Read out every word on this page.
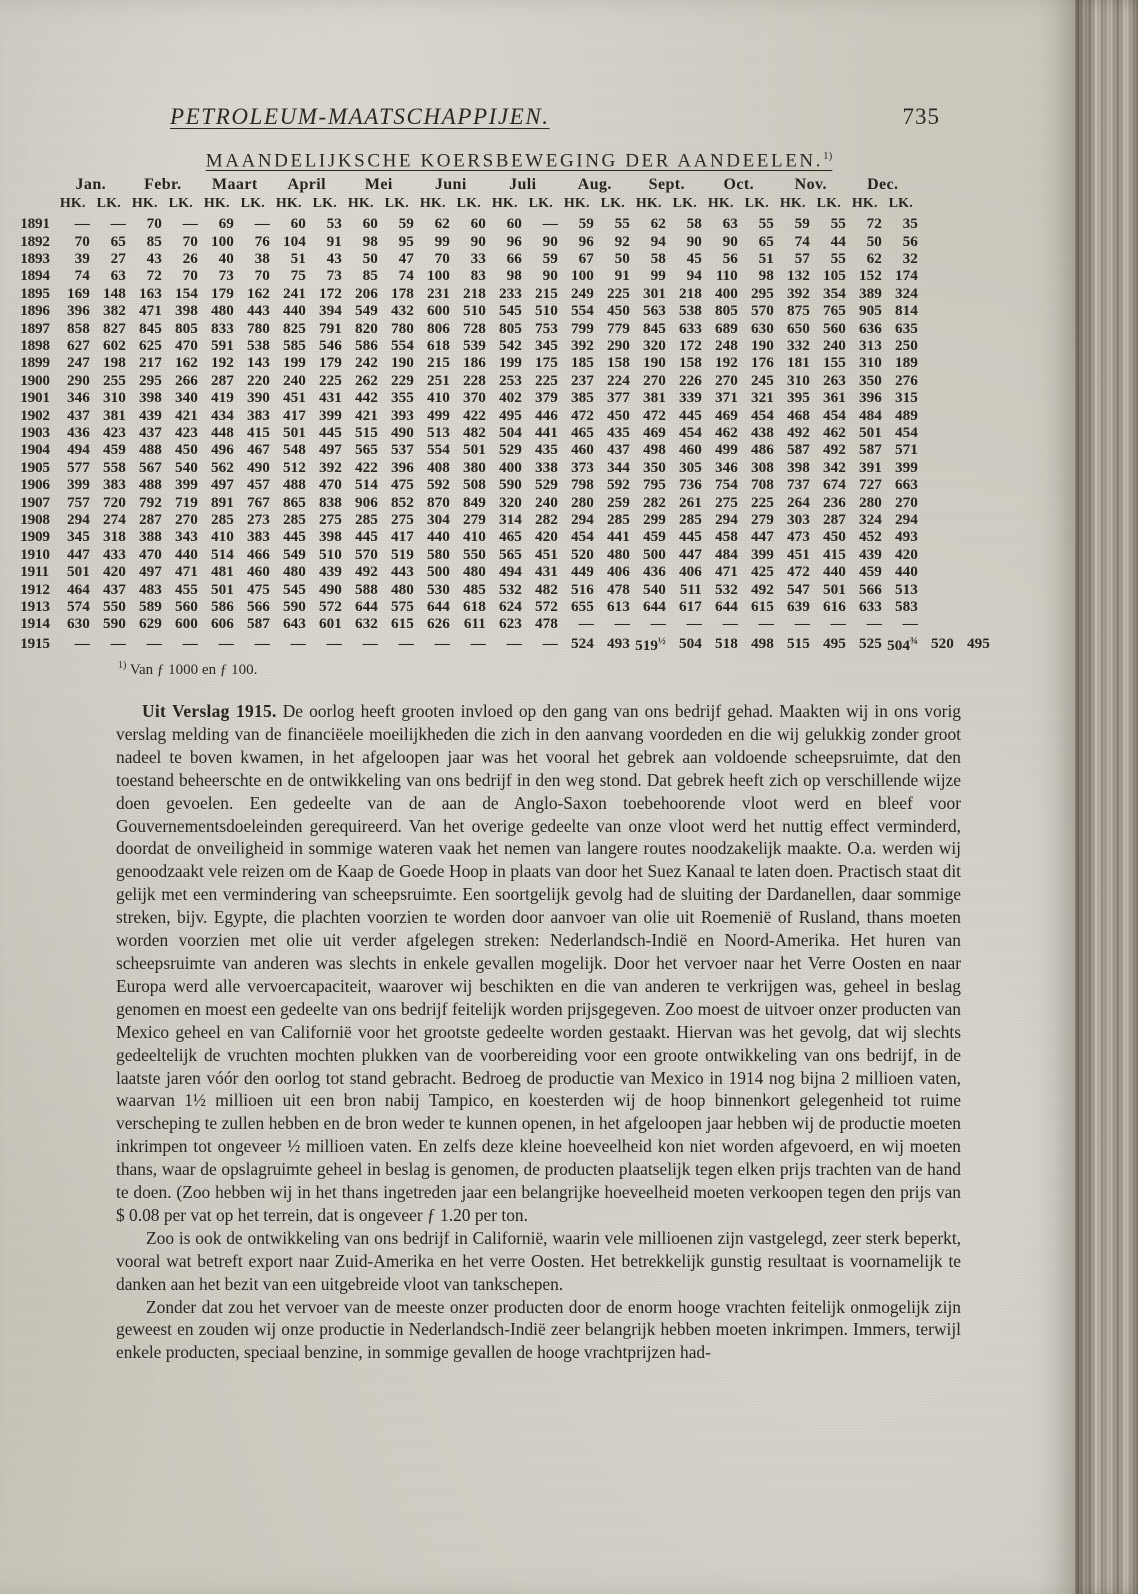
PETROLEUM-MAATSCHAPPIJEN.	735
MAANDELIJKSCHE KOERSBEWEGING DER AANDEELEN.$^{1)}$
	Jan.		Febr.		Maart		April		Mei		Juni		Juli		Aug.		Sept.		Oct.		Nov.		Dec.			
	HK.	LK.	HK.	LK.	HK.	LK.	HK.	LK.	HK.	LK.	HK.	LK.	HK.	LK.	HK.	LK.	HK.	LK.	HK.	LK.	HK.	LK.	HK.	LK.		
1891	—	—	70	—	69	—	60	53	60	59	62	60	60	—	59	55	62	58	63	55	59	55	72	35		
1892	70	65	85	70	100	76	104	91	98	95	99	90	96	90	96	92	94	90	90	65	74	44	50	56		
1893	39	27	43	26	40	38	51	43	50	47	70	33	66	59	67	50	58	45	56	51	57	55	62	32		
1894	74	63	72	70	73	70	75	73	85	74	100	83	98	90	100	91	99	94	110	98	132	105	152	174		
1895	169	148	163	154	179	162	241	172	206	178	231	218	233	215	249	225	301	218	400	295	392	354	389	324		
1896	396	382	471	398	480	443	440	394	549	432	600	510	545	510	554	450	563	538	805	570	875	765	905	814		
1897	858	827	845	805	833	780	825	791	820	780	806	728	805	753	799	779	845	633	689	630	650	560	636	635		
1898	627	602	625	470	591	538	585	546	586	554	618	539	542	345	392	290	320	172	248	190	332	240	313	250		
1899	247	198	217	162	192	143	199	179	242	190	215	186	199	175	185	158	190	158	192	176	181	155	310	189		
1900	290	255	295	266	287	220	240	225	262	229	251	228	253	225	237	224	270	226	270	245	310	263	350	276		
1901	346	310	398	340	419	390	451	431	442	355	410	370	402	379	385	377	381	339	371	321	395	361	396	315		
1902	437	381	439	421	434	383	417	399	421	393	499	422	495	446	472	450	472	445	469	454	468	454	484	489		
1903	436	423	437	423	448	415	501	445	515	490	513	482	504	441	465	435	469	454	462	438	492	462	501	454		
1904	494	459	488	450	496	467	548	497	565	537	554	501	529	435	460	437	498	460	499	486	587	492	587	571		
1905	577	558	567	540	562	490	512	392	422	396	408	380	400	338	373	344	350	305	346	308	398	342	391	399		
1906	399	383	488	399	497	457	488	470	514	475	592	508	590	529	798	592	795	736	754	708	737	674	727	663		
1907	757	720	792	719	891	767	865	838	906	852	870	849	320	240	280	259	282	261	275	225	264	236	280	270		
1908	294	274	287	270	285	273	285	275	285	275	304	279	314	282	294	285	299	285	294	279	303	287	324	294		
1909	345	318	388	343	410	383	445	398	445	417	440	410	465	420	454	441	459	445	458	447	473	450	452	493		
1910	447	433	470	440	514	466	549	510	570	519	580	550	565	451	520	480	500	447	484	399	451	415	439	420		
1911	501	420	497	471	481	460	480	439	492	443	500	480	494	431	449	406	436	406	471	425	472	440	459	440		
1912	464	437	483	455	501	475	545	490	588	480	530	485	532	482	516	478	540	511	532	492	547	501	566	513		
1913	574	550	589	560	586	566	590	572	644	575	644	618	624	572	655	613	644	617	644	615	639	616	633	583		
1914	630	590	629	600	606	587	643	601	632	615	626	611	623	478	—	—	—	—	—	—	—	—	—	—		
1915	—	—	—	—	—	—	—	—	—	—	—	—	—	—	524	493	$519^{\frac{1}{2}}$	504	518	498	515	495	525	$504^{\frac{3}{4}}$	520	495
$^{1)}$ Van ƒ 1000 en ƒ 100.

Uit Verslag 1915. De oorlog heeft grooten invloed op den gang van ons bedrijf gehad. Maakten wij in ons vorig verslag melding van de financiëele moeilijkheden die zich in den aanvang voordeden en die wij gelukkig zonder groot nadeel te boven kwamen, in het afgeloopen jaar was het vooral het gebrek aan voldoende scheepsruimte, dat den toestand beheerschte en de ontwikkeling van ons bedrijf in den weg stond. Dat gebrek heeft zich op verschillende wijze doen gevoelen. Een gedeelte van de aan de Anglo-Saxon toebehoorende vloot werd en bleef voor Gouvernementsdoeleinden gerequireerd. Van het overige gedeelte van onze vloot werd het nuttig effect verminderd, doordat de onveiligheid in sommige wateren vaak het nemen van langere routes noodzakelijk maakte. O.a. werden wij genoodzaakt vele reizen om de Kaap de Goede Hoop in plaats van door het Suez Kanaal te laten doen. Practisch staat dit gelijk met een vermindering van scheepsruimte. Een soortgelijk gevolg had de sluiting der Dardanellen, daar sommige streken, bijv. Egypte, die plachten voorzien te worden door aanvoer van olie uit Roemenië of Rusland, thans moeten worden voorzien met olie uit verder afgelegen streken: Nederlandsch-Indië en Noord-Amerika. Het huren van scheepsruimte van anderen was slechts in enkele gevallen mogelijk. Door het vervoer naar het Verre Oosten en naar Europa werd alle vervoercapaciteit, waarover wij beschikten en die van anderen te verkrijgen was, geheel in beslag genomen en moest een gedeelte van ons bedrijf feitelijk worden prijsgegeven. Zoo moest de uitvoer onzer producten van Mexico geheel en van Californië voor het grootste gedeelte worden gestaakt. Hiervan was het gevolg, dat wij slechts gedeeltelijk de vruchten mochten plukken van de voorbereiding voor een groote ontwikkeling van ons bedrijf, in de laatste jaren vóór den oorlog tot stand gebracht. Bedroeg de productie van Mexico in 1914 nog bijna 2 millioen vaten, waarvan 1½ millioen uit een bron nabij Tampico, en koesterden wij de hoop binnenkort gelegenheid tot ruime verscheping te zullen hebben en de bron weder te kunnen openen, in het afgeloopen jaar hebben wij de productie moeten inkrimpen tot ongeveer ½ millioen vaten. En zelfs deze kleine hoeveelheid kon niet worden afgevoerd, en wij moeten thans, waar de opslagruimte geheel in beslag is genomen, de producten plaatselijk tegen elken prijs trachten van de hand te doen. (Zoo hebben wij in het thans ingetreden jaar een belangrijke hoeveelheid moeten verkoopen tegen den prijs van $ 0.08 per vat op het terrein, dat is ongeveer ƒ 1.20 per ton.

Zoo is ook de ontwikkeling van ons bedrijf in Californië, waarin vele millioenen zijn vastgelegd, zeer sterk beperkt, vooral wat betreft export naar Zuid-Amerika en het verre Oosten. Het betrekkelijk gunstig resultaat is voornamelijk te danken aan het bezit van een uitgebreide vloot van tankschepen.

Zonder dat zou het vervoer van de meeste onzer producten door de enorm hooge vrachten feitelijk onmogelijk zijn geweest en zouden wij onze productie in Nederlandsch-Indië zeer belangrijk hebben moeten inkrimpen. Immers, terwijl enkele producten, speciaal benzine, in sommige gevallen de hooge vrachtprijzen had-
